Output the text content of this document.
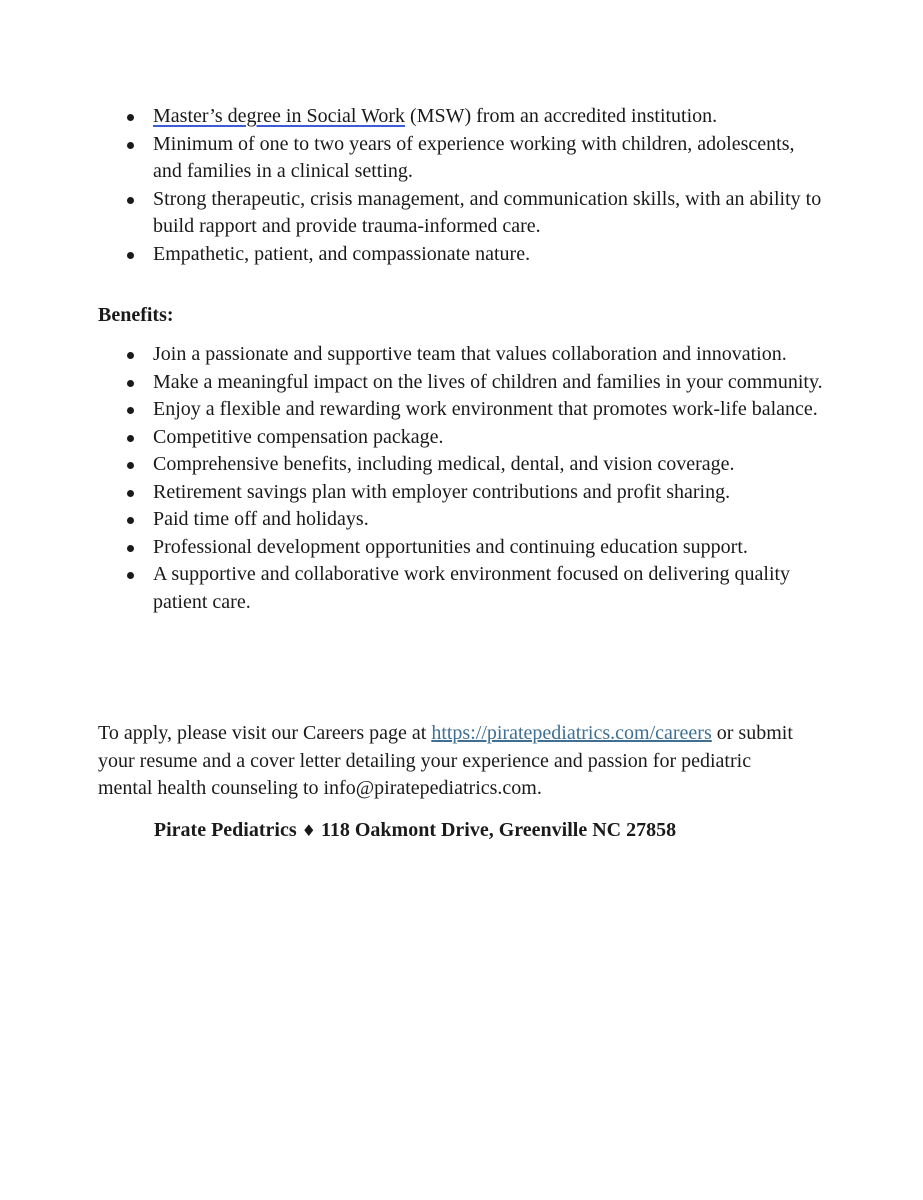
Master’s degree in Social Work (MSW) from an accredited institution.
Minimum of one to two years of experience working with children, adolescents, and families in a clinical setting.
Strong therapeutic, crisis management, and communication skills, with an ability to build rapport and provide trauma-informed care.
Empathetic, patient, and compassionate nature.
Benefits:
Join a passionate and supportive team that values collaboration and innovation.
Make a meaningful impact on the lives of children and families in your community.
Enjoy a flexible and rewarding work environment that promotes work-life balance.
Competitive compensation package.
Comprehensive benefits, including medical, dental, and vision coverage.
Retirement savings plan with employer contributions and profit sharing.
Paid time off and holidays.
Professional development opportunities and continuing education support.
A supportive and collaborative work environment focused on delivering quality patient care.

To apply, please visit our Careers page at https://piratepediatrics.com/careers or submit your resume and a cover letter detailing your experience and passion for pediatric mental health counseling to info@piratepediatrics.com.

Pirate Pediatrics ♦ 118 Oakmont Drive, Greenville NC 27858
